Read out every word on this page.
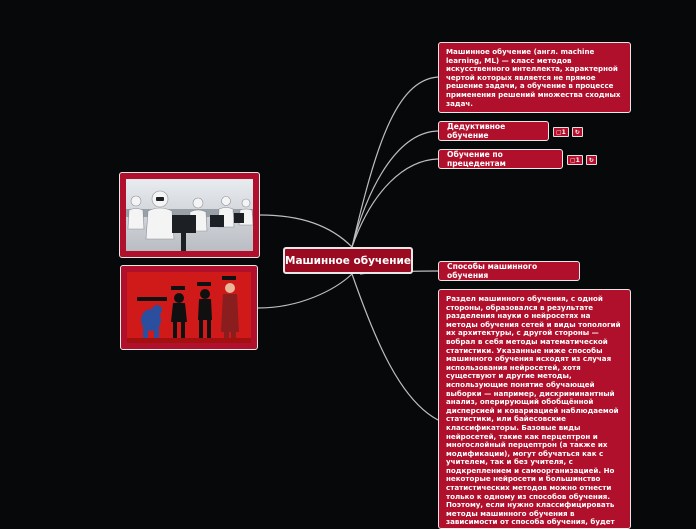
Машинное обучение
Машинное обучение (англ. machine learning, ML) — класс методов искусственного интеллекта, характерной чертой которых является не прямое решение задачи, а обучение в процессе применения решений множества сходных задач.
Дедуктивное обучение	▢ 1	↻
Обучение по прецедентам	▢ 1	↻
Способы машинного обучения
Раздел машинного обучения, с одной стороны, образовался в результате разделения науки о нейросетях на методы обучения сетей и виды топологий их архитектуры, с другой стороны — вобрал в себя методы математической статистики. Указанные ниже способы машинного обучения исходят из случая использования нейросетей, хотя существуют и другие методы, использующие понятие обучающей выборки — например, дискриминантный анализ, оперирующий обобщённой дисперсией и ковариацией наблюдаемой статистики, или байесовские классификаторы. Базовые виды нейросетей, такие как перцептрон и многослойный перцептрон (а также их модификации), могут обучаться как с учителем, так и без учителя, с подкреплением и самоорганизацией. Но некоторые нейросети и большинство статистических методов можно отнести только к одному из способов обучения. Поэтому, если нужно классифицировать методы машинного обучения в зависимости от способа обучения, будет
